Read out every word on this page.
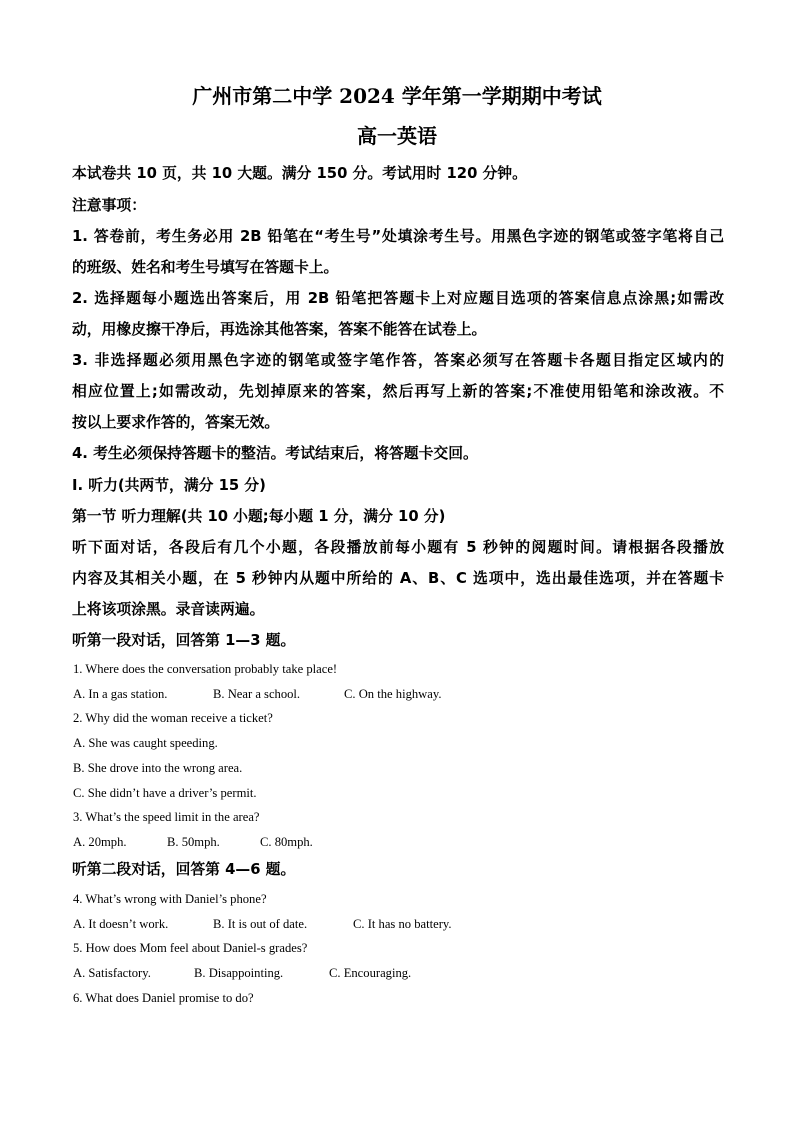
广州市第二中学 2024 学年第一学期期中考试
高一英语
本试卷共 10 页，共 10 大题。满分 150 分。考试用时 120 分钟。
注意事项：
1. 答卷前，考生务必用 2B 铅笔在“考生号”处填涂考生号。用黑色字迹的钢笔或签字笔将自己
的班级、姓名和考生号填写在答题卡上。
2. 选择题每小题选出答案后，用 2B 铅笔把答题卡上对应题目选项的答案信息点涂黑;如需改
动，用橡皮擦干净后，再选涂其他答案，答案不能答在试卷上。
3. 非选择题必须用黑色字迹的钢笔或签字笔作答，答案必须写在答题卡各题目指定区域内的
相应位置上;如需改动，先划掉原来的答案，然后再写上新的答案;不准使用铅笔和涂改液。不
按以上要求作答的，答案无效。
4. 考生必须保持答题卡的整洁。考试结束后，将答题卡交回。
Ⅰ. 听力(共两节，满分 15 分)
第一节 听力理解(共 10 小题;每小题 1 分，满分 10 分)
听下面对话，各段后有几个小题，各段播放前每小题有 5 秒钟的阅题时间。请根据各段播放
内容及其相关小题，在 5 秒钟内从题中所给的 A、B、C 选项中，选出最佳选项，并在答题卡
上将该项涂黑。录音读两遍。
听第一段对话，回答第 1—3 题。
1. Where does the conversation probably take place!
A. In a gas station.	B. Near a school.	C. On the highway.
2. Why did the woman receive a ticket?
A. She was caught speeding.
B. She drove into the wrong area.
C. She didn’t have a driver’s permit.
3. What’s the speed limit in the area?
A. 20mph.	B. 50mph.	C. 80mph.
听第二段对话，回答第 4—6 题。
4. What’s wrong with Daniel’s phone?
A. It doesn’t work.	B. It is out of date.	C. It has no battery.
5. How does Mom feel about Daniel-s grades?
A. Satisfactory.	B. Disappointing.	C. Encouraging.
6. What does Daniel promise to do?
